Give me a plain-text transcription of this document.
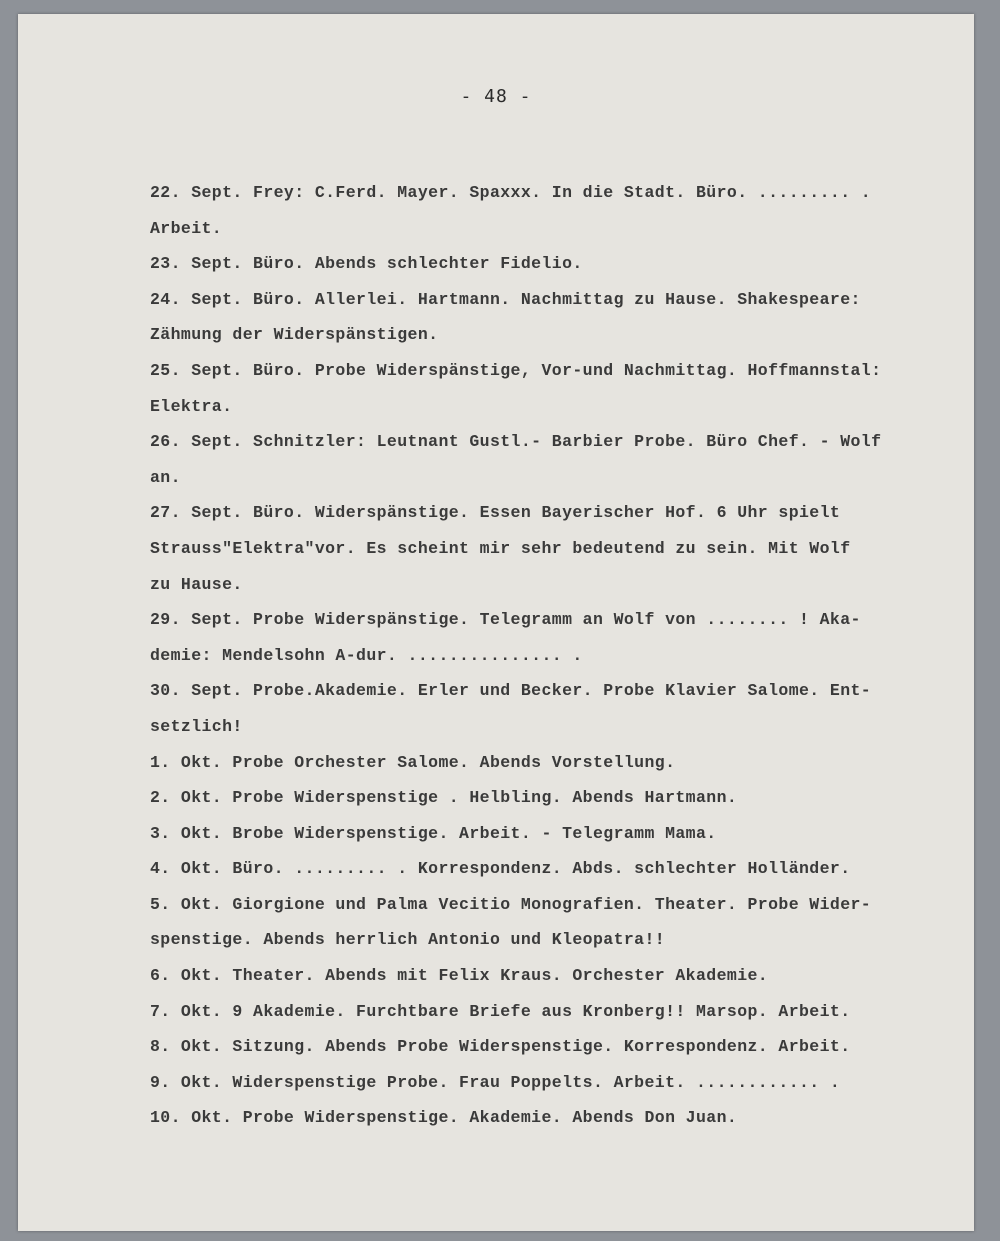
- 48 -
22. Sept. Frey: C.Ferd. Mayer. Spaxxx. In die Stadt. Büro. ......... .
Arbeit.
23. Sept. Büro. Abends schlechter Fidelio.
24. Sept. Büro. Allerlei. Hartmann. Nachmittag zu Hause. Shakespeare:
Zähmung der Widerspänstigen.
25. Sept. Büro. Probe Widerspänstige, Vor-und Nachmittag. Hoffmannstal:
Elektra.
26. Sept. Schnitzler: Leutnant Gustl.- Barbier Probe. Büro Chef. - Wolf
an.
27. Sept. Büro. Widerspänstige. Essen Bayerischer Hof. 6 Uhr spielt
Strauss"Elektra"vor. Es scheint mir sehr bedeutend zu sein. Mit Wolf
zu Hause.
29. Sept. Probe Widerspänstige. Telegramm an Wolf von ........ ! Aka-
demie: Mendelsohn A-dur. ............... .
30. Sept. Probe.Akademie. Erler und Becker. Probe Klavier Salome. Ent-
setzlich!
1. Okt. Probe Orchester Salome. Abends Vorstellung.
2. Okt. Probe Widerspenstige . Helbling. Abends Hartmann.
3. Okt. Brobe Widerspenstige. Arbeit. - Telegramm Mama.
4. Okt. Büro. ......... . Korrespondenz. Abds. schlechter Holländer.
5. Okt. Giorgione und Palma Vecitio Monografien. Theater. Probe Wider-
spenstige. Abends herrlich Antonio und Kleopatra!!
6. Okt. Theater. Abends mit Felix Kraus. Orchester Akademie.
7. Okt. 9 Akademie. Furchtbare Briefe aus Kronberg!! Marsop. Arbeit.
8. Okt. Sitzung. Abends Probe Widerspenstige. Korrespondenz. Arbeit.
9. Okt. Widerspenstige Probe. Frau Poppelts. Arbeit. ............ .
10. Okt. Probe Widerspenstige. Akademie. Abends Don Juan.
